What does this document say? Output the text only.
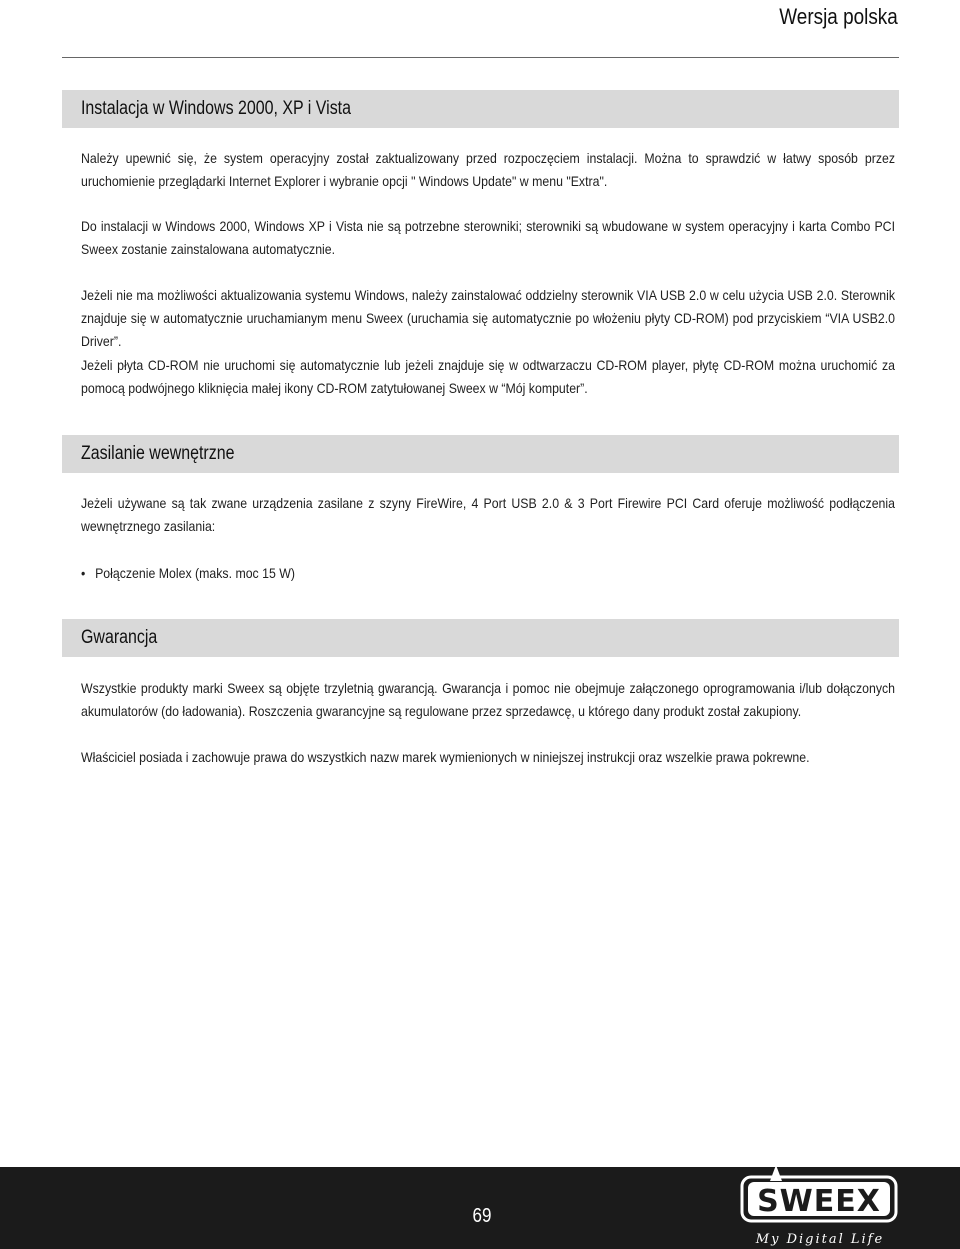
Wersja polska
Instalacja w Windows 2000, XP i Vista

Należy upewnić się, że system operacyjny został zaktualizowany przed rozpoczęciem instalacji. Można to sprawdzić w łatwy sposób przez uruchomienie przeglądarki Internet Explorer i wybranie opcji " Windows Update" w menu "Extra".

Do instalacji w Windows 2000, Windows XP i Vista nie są potrzebne sterowniki; sterowniki są wbudowane w system operacyjny i karta Combo PCI Sweex zostanie zainstalowana automatycznie.

Jeżeli nie ma możliwości aktualizowania systemu Windows, należy zainstalować oddzielny sterownik VIA USB 2.0 w celu użycia USB 2.0. Sterownik znajduje się w automatycznie uruchamianym menu Sweex (uruchamia się automatycznie po włożeniu płyty CD-ROM) pod przyciskiem “VIA USB2.0 Driver”.

Jeżeli płyta CD-ROM nie uruchomi się automatycznie lub jeżeli znajduje się w odtwarzaczu CD-ROM player, płytę CD-ROM można uruchomić za pomocą podwójnego kliknięcia małej ikony CD-ROM zatytułowanej Sweex w “Mój komputer”.

Zasilanie wewnętrzne

Jeżeli używane są tak zwane urządzenia zasilane z szyny FireWire, 4 Port USB 2.0 & 3 Port Firewire PCI Card oferuje możliwość podłączenia wewnętrznego zasilania:

• Połączenie Molex (maks. moc 15 W)
Gwarancja

Wszystkie produkty marki Sweex są objęte trzyletnią gwarancją. Gwarancja i pomoc nie obejmuje załączonego oprogramowania i/lub dołączonych akumulatorów (do ładowania). Roszczenia gwarancyjne są regulowane przez sprzedawcę, u którego dany produkt został zakupiony.

Właściciel posiada i zachowuje prawa do wszystkich nazw marek wymienionych w niniejszej instrukcji oraz wszelkie prawa pokrewne.

69	SWEEX
My Digital Life
